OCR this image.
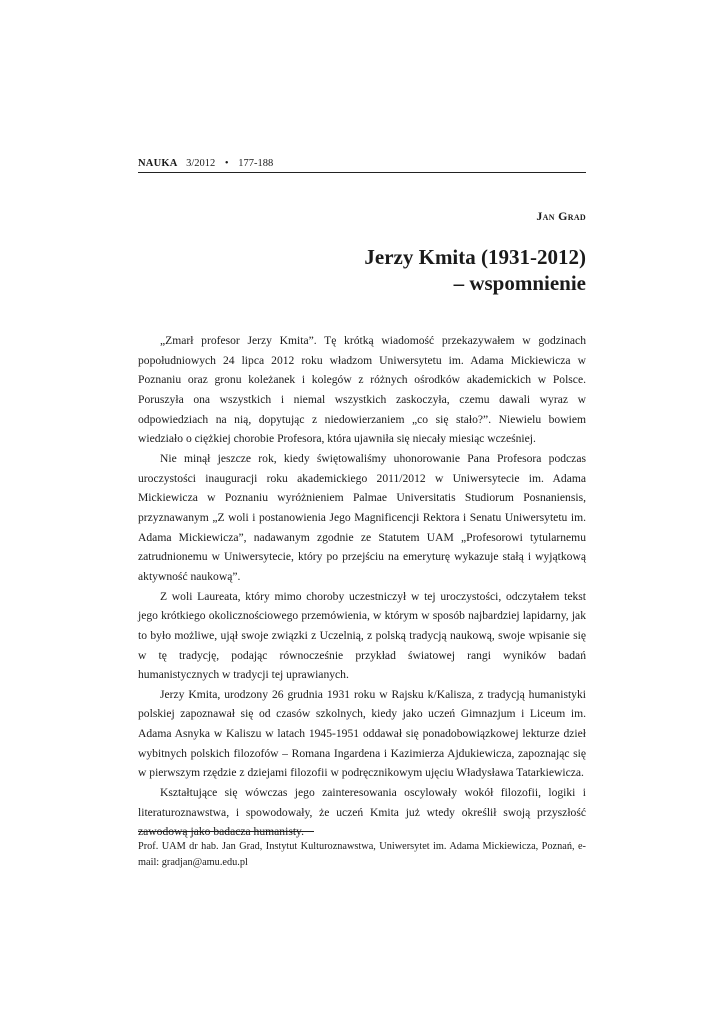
NAUKA 3/2012 • 177-188
Jan Grad
Jerzy Kmita (1931-2012)
– wspomnienie

„Zmarł profesor Jerzy Kmita”. Tę krótką wiadomość przekazywałem w godzinach popołudniowych 24 lipca 2012 roku władzom Uniwersytetu im. Adama Mickiewicza w Poznaniu oraz gronu koleżanek i kolegów z różnych ośrodków akademickich w Polsce. Poruszyła ona wszystkich i niemal wszystkich zaskoczyła, czemu dawali wyraz w odpowiedziach na nią, dopytując z niedowierzaniem „co się stało?”. Niewielu bowiem wiedziało o ciężkiej chorobie Profesora, która ujawniła się niecały miesiąc wcześniej.

Nie minął jeszcze rok, kiedy świętowaliśmy uhonorowanie Pana Profesora podczas uroczystości inauguracji roku akademickiego 2011/2012 w Uniwersytecie im. Adama Mickiewicza w Poznaniu wyróżnieniem Palmae Universitatis Studiorum Posnaniensis, przyznawanym „Z woli i postanowienia Jego Magnificencji Rektora i Senatu Uniwersytetu im. Adama Mickiewicza”, nadawanym zgodnie ze Statutem UAM „Profesorowi tytularnemu zatrudnionemu w Uniwersytecie, który po przejściu na emeryturę wykazuje stałą i wyjątkową aktywność naukową”.

Z woli Laureata, który mimo choroby uczestniczył w tej uroczystości, odczytałem tekst jego krótkiego okolicznościowego przemówienia, w którym w sposób najbardziej lapidarny, jak to było możliwe, ujął swoje związki z Uczelnią, z polską tradycją naukową, swoje wpisanie się w tę tradycję, podając równocześnie przykład światowej rangi wyników badań humanistycznych w tradycji tej uprawianych.

Jerzy Kmita, urodzony 26 grudnia 1931 roku w Rajsku k/Kalisza, z tradycją humanistyki polskiej zapoznawał się od czasów szkolnych, kiedy jako uczeń Gimnazjum i Liceum im. Adama Asnyka w Kaliszu w latach 1945-1951 oddawał się ponadobowiązkowej lekturze dzieł wybitnych polskich filozofów – Romana Ingardena i Kazimierza Ajdukiewicza, zapoznając się w pierwszym rzędzie z dziejami filozofii w podręcznikowym ujęciu Władysława Tatarkiewicza.

Kształtujące się wówczas jego zainteresowania oscylowały wokół filozofii, logiki i literaturoznawstwa, i spowodowały, że uczeń Kmita już wtedy określił swoją przyszłość zawodową jako badacza humanisty.

Prof. UAM dr hab. Jan Grad, Instytut Kulturoznawstwa, Uniwersytet im. Adama Mickiewicza, Poznań, e-mail: gradjan@amu.edu.pl
